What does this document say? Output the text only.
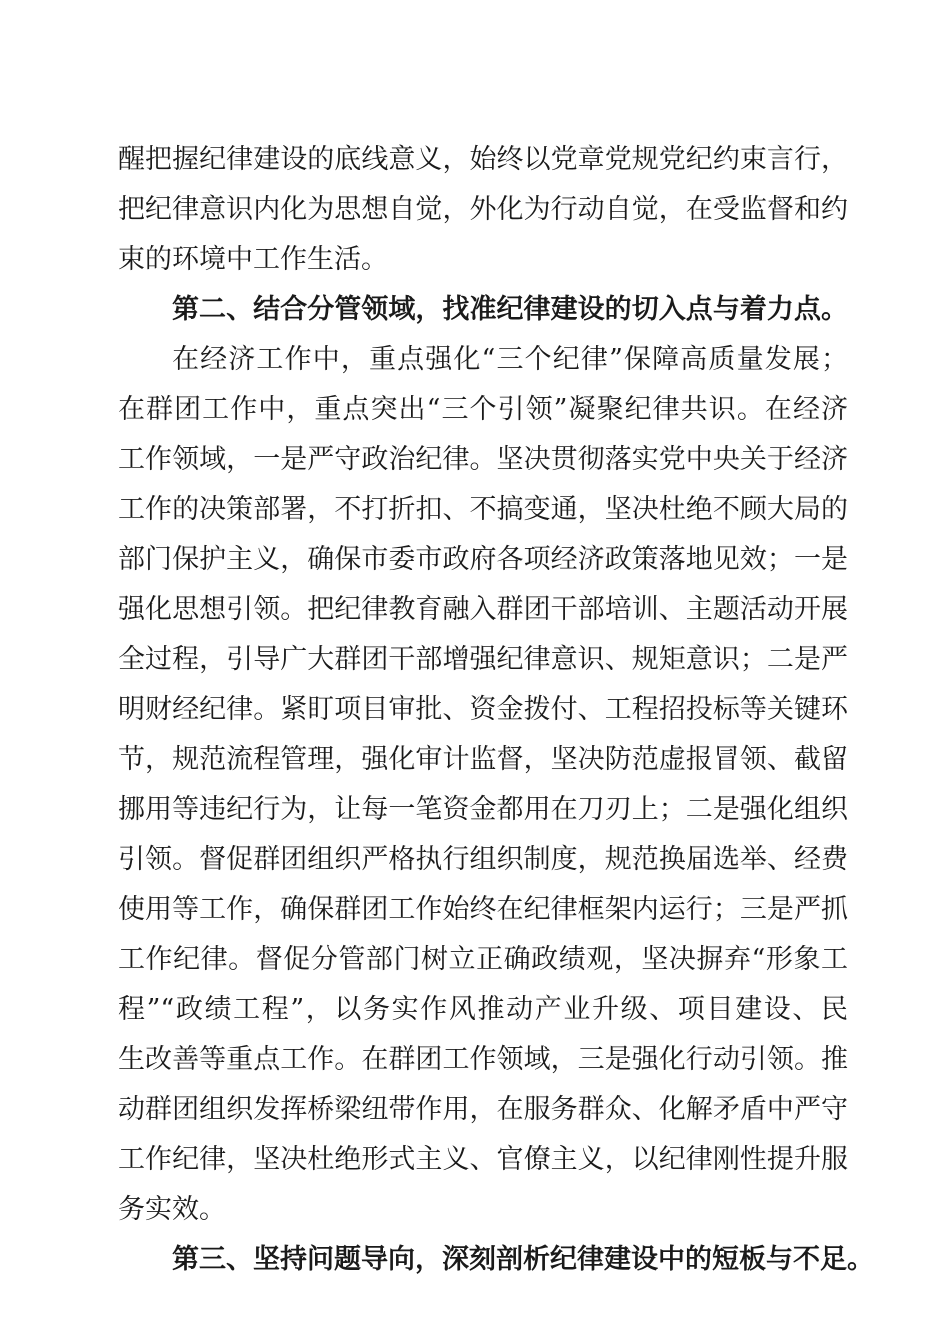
醒把握纪律建设的底线意义，始终以党章党规党纪约束言行，
把纪律意识内化为思想自觉，外化为行动自觉，在受监督和约
束的环境中工作生活。
第二、结合分管领域，找准纪律建设的切入点与着力点。
在经济工作中，重点强化“三个纪律”保障高质量发展；
在群团工作中，重点突出“三个引领”凝聚纪律共识。在经济
工作领域，一是严守政治纪律。坚决贯彻落实党中央关于经济
工作的决策部署，不打折扣、不搞变通，坚决杜绝不顾大局的
部门保护主义，确保市委市政府各项经济政策落地见效；一是
强化思想引领。把纪律教育融入群团干部培训、主题活动开展
全过程，引导广大群团干部增强纪律意识、规矩意识；二是严
明财经纪律。紧盯项目审批、资金拨付、工程招投标等关键环
节，规范流程管理，强化审计监督，坚决防范虚报冒领、截留
挪用等违纪行为，让每一笔资金都用在刀刃上；二是强化组织
引领。督促群团组织严格执行组织制度，规范换届选举、经费
使用等工作，确保群团工作始终在纪律框架内运行；三是严抓
工作纪律。督促分管部门树立正确政绩观，坚决摒弃“形象工
程”“政绩工程”，以务实作风推动产业升级、项目建设、民
生改善等重点工作。在群团工作领域，三是强化行动引领。推
动群团组织发挥桥梁纽带作用，在服务群众、化解矛盾中严守
工作纪律，坚决杜绝形式主义、官僚主义，以纪律刚性提升服
务实效。
第三、坚持问题导向，深刻剖析纪律建设中的短板与不足。
